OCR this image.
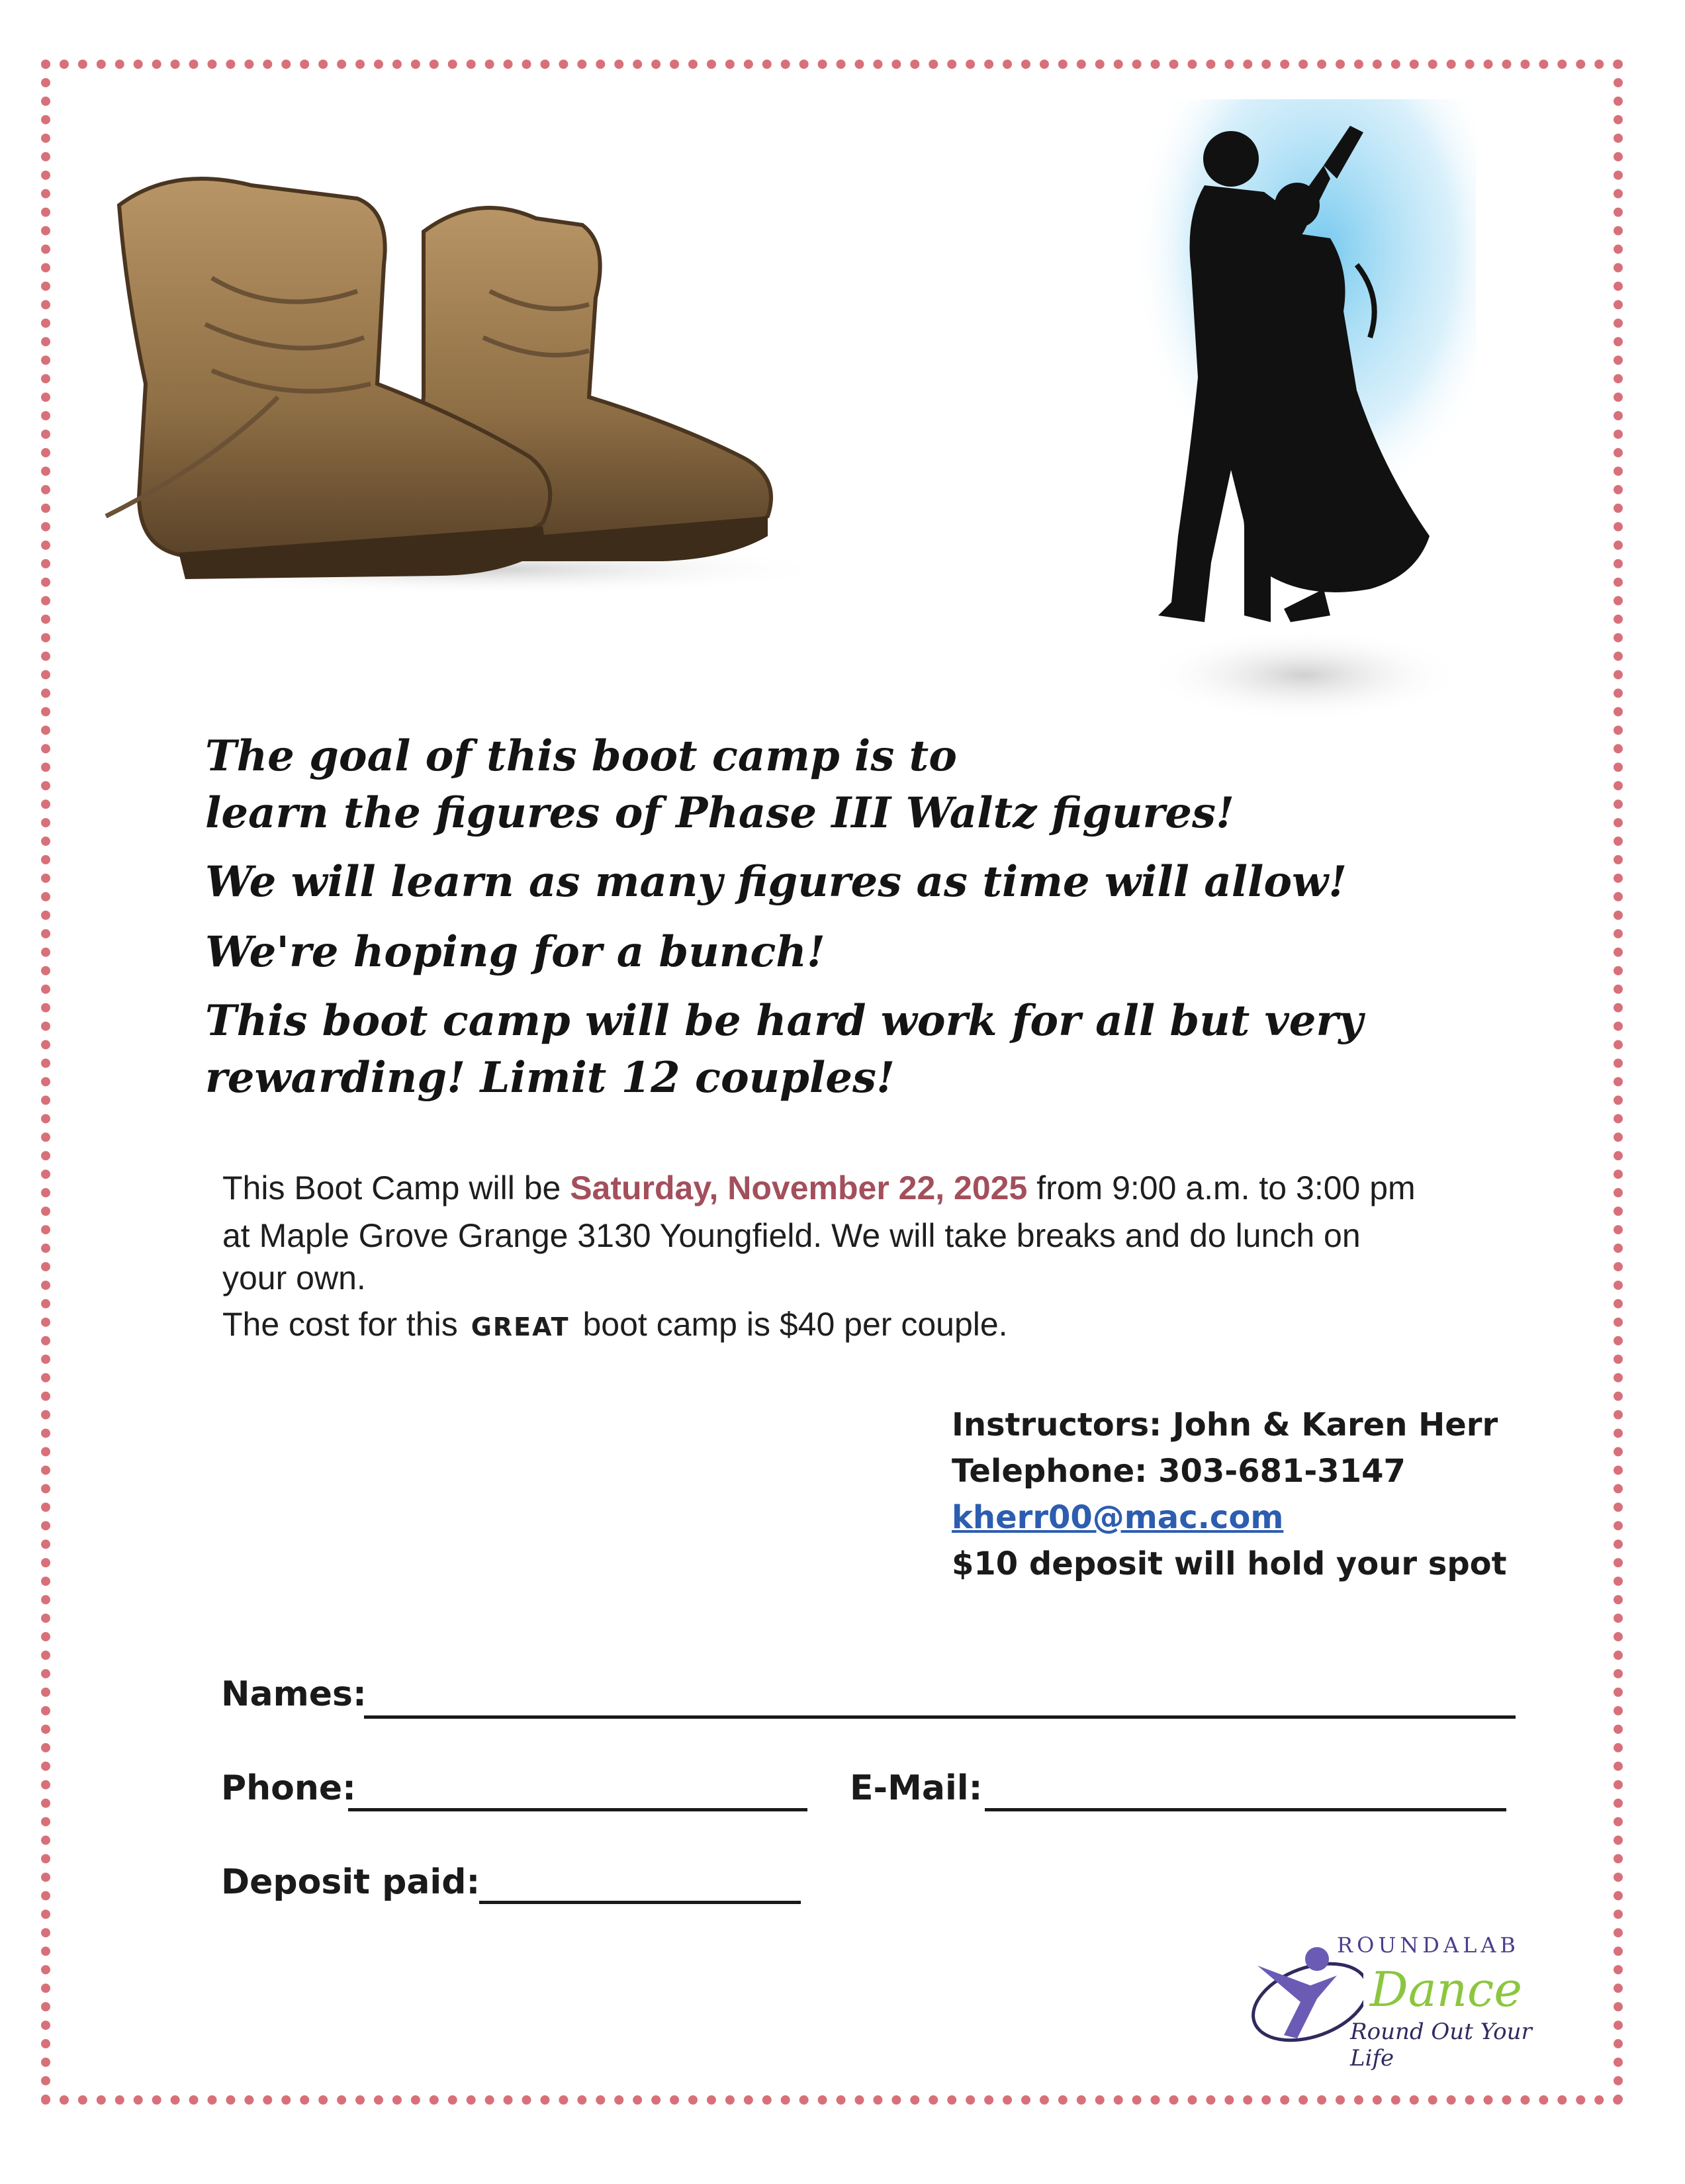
The goal of this boot camp is to

learn the figures of Phase III Waltz figures!

We will learn as many figures as time will allow!

We're hoping for a bunch!

This boot camp will be hard work for all but very

rewarding! Limit 12 couples!

This Boot Camp will be Saturday, November 22, 2025 from 9:00 a.m. to 3:00 pm

at Maple Grove Grange 3130 Youngfield. We will take breaks and do lunch on

your own.

The cost for this GREAT boot camp is $40 per couple.

Instructors: John & Karen Herr

Telephone: 303-681-3147

kherr00@mac.com

$10 deposit will hold your spot

Names:

Phone:	E-Mail:

Deposit paid:

ROUNDALAB
Dance
Round Out Your Life
